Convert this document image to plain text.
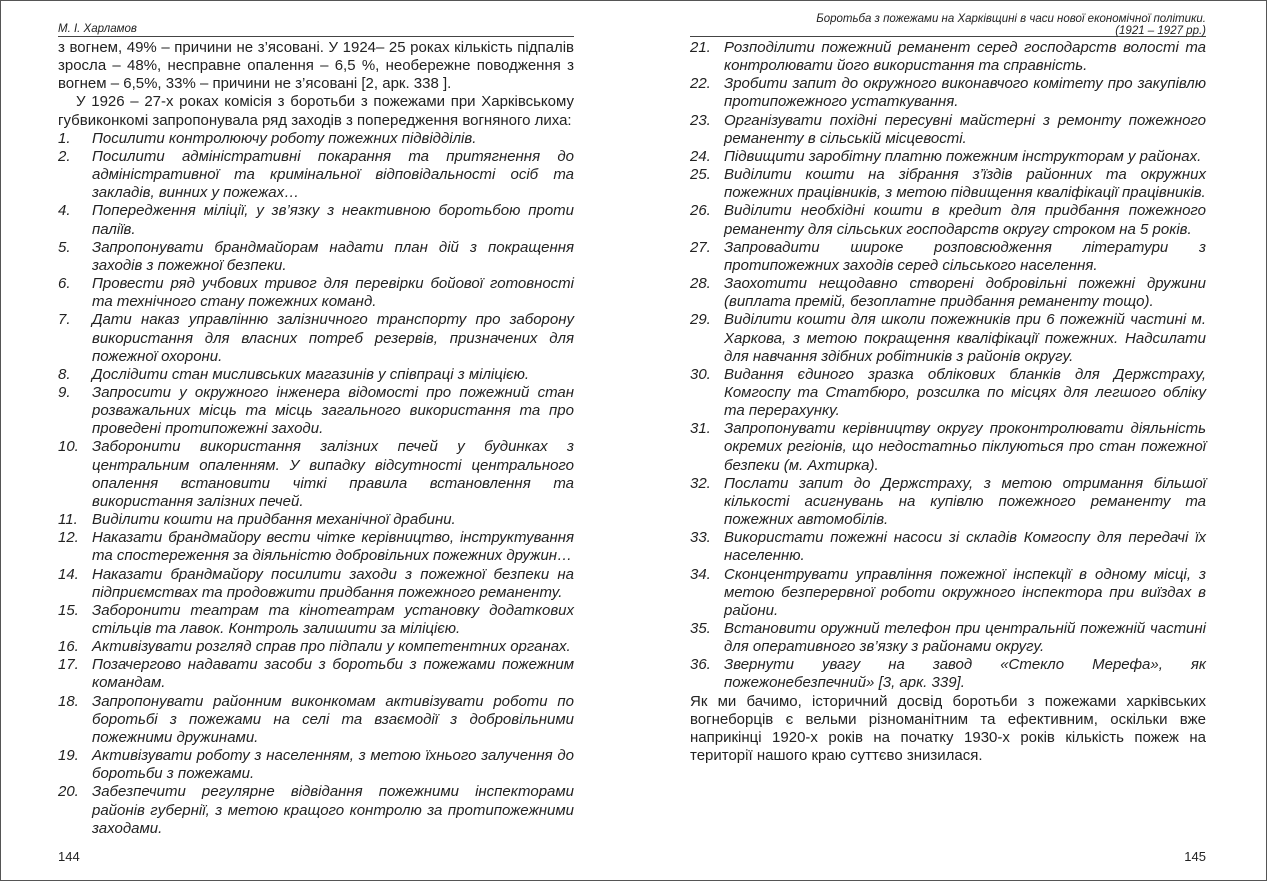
М. І. Харламов

з вогнем, 49% – причини не з’ясовані. У 1924– 25 роках кількість підпалів зросла – 48%, несправне опалення – 6,5 %, необережне поводження з вогнем – 6,5%, 33% – причини не з’ясовані [2, арк. 338 ].

У 1926 – 27-х роках комісія з боротьби з пожежами при Харківському губвиконкомі запропонувала ряд заходів з попередження вогняного лиха:

1.	Посилити контролюючу роботу пожежних підвідділів.
2.	Посилити адміністративні покарання та притягнення до адміністративної та кримінальної відповідальності осіб та закладів, винних у пожежах…
4.	Попередження міліції, у зв’язку з неактивною боротьбою проти паліїв.
5.	Запропонувати брандмайорам надати план дій з покращення заходів з пожежної безпеки.
6.	Провести ряд учбових тривог для перевірки бойової готовності та технічного стану пожежних команд.
7.	Дати наказ управлінню залізничного транспорту про заборону використання для власних потреб резервів, призначених для пожежної охорони.
8.	Дослідити стан мисливських магазинів у співпраці з міліцією.
9.	Запросити у окружного інженера відомості про пожежний стан розважальних місць та місць загального використання та про проведені протипожежні заходи.
10. Заборонити використання залізних печей у будинках з центральним опаленням. У випадку відсутності центрального опалення встановити чіткі правила встановлення та використання залізних печей.
11. Виділити кошти на придбання механічної драбини.
12. Наказати брандмайору вести чітке керівництво, інструктування та спостереження за діяльністю добровільних пожежних дружин…
14. Наказати брандмайору посилити заходи з пожежної безпеки на підприємствах та продовжити придбання пожежного реманенту.
15. Заборонити театрам та кінотеатрам установку додаткових стільців та лавок. Контроль залишити за міліцією.
16. Активізувати розгляд справ про підпали у компетентних органах.
17. Позачергово надавати засоби з боротьби з пожежами пожежним командам.
18. Запропонувати районним виконкомам активізувати роботи по боротьбі з пожежами на селі та взаємодії з добровільними пожежними дружинами.
19. Активізувати роботу з населенням, з метою їхнього залучення до боротьби з пожежами.
20. Забезпечити регулярне відвідання пожежними інспекторами районів губернії, з метою кращого контролю за протипожежними заходами.
144
Боротьба з пожежами на Харківщині в часи нової економічної політики.
(1921 – 1927 рр.)
21. Розподілити пожежний реманент серед господарств волості та контролювати його використання та справність.
22. Зробити запит до окружного виконавчого комітету про закупівлю протипожежного устаткування.
23. Організувати похідні пересувні майстерні з ремонту пожежного реманенту в сільській місцевості.
24. Підвищити заробітну платню пожежним інструкторам у районах.
25. Виділити кошти на зібрання з’їздів районних та окружних пожежних працівників, з метою підвищення кваліфікації працівників.
26. Виділити необхідні кошти в кредит для придбання пожежного реманенту для сільських господарств округу строком на 5 років.
27. Запровадити широке розповсюдження літератури з протипожежних заходів серед сільського населення.
28. Заохотити нещодавно створені добровільні пожежні дружини (виплата премій, безоплатне придбання реманенту тощо).
29. Виділити кошти для школи пожежників при 6 пожежній частині м. Харкова, з метою покращення кваліфікації пожежних. Надсилати для навчання здібних робітників з районів округу.
30. Видання єдиного зразка облікових бланків для Держстраху, Комгоспу та Статбюро, розсилка по місцях для легшого обліку та перерахунку.
31. Запропонувати керівництву округу проконтролювати діяльність окремих регіонів, що недостатньо піклуються про стан пожежної безпеки (м. Ахтирка).
32. Послати запит до Держстраху, з метою отримання більшої кількості асигнувань на купівлю пожежного реманенту та пожежних автомобілів.
33. Використати пожежні насоси зі складів Комгоспу для передачі їх населенню.
34. Сконцентрувати управління пожежної інспекції в одному місці, з метою безперервної роботи окружного інспектора при виїздах в райони.
35. Встановити оружний телефон при центральній пожежній частині для оперативного зв’язку з районами округу.
36. Звернути увагу на завод «Стекло Мерефа», як пожежонебезпечний» [3, арк. 339].

Як ми бачимо, історичний досвід боротьби з пожежами харківських вогнеборців є вельми різноманітним та ефективним, оскільки вже наприкінці 1920-х років на початку 1930-х років кількість пожеж на території нашого краю суттєво знизилася.

145
